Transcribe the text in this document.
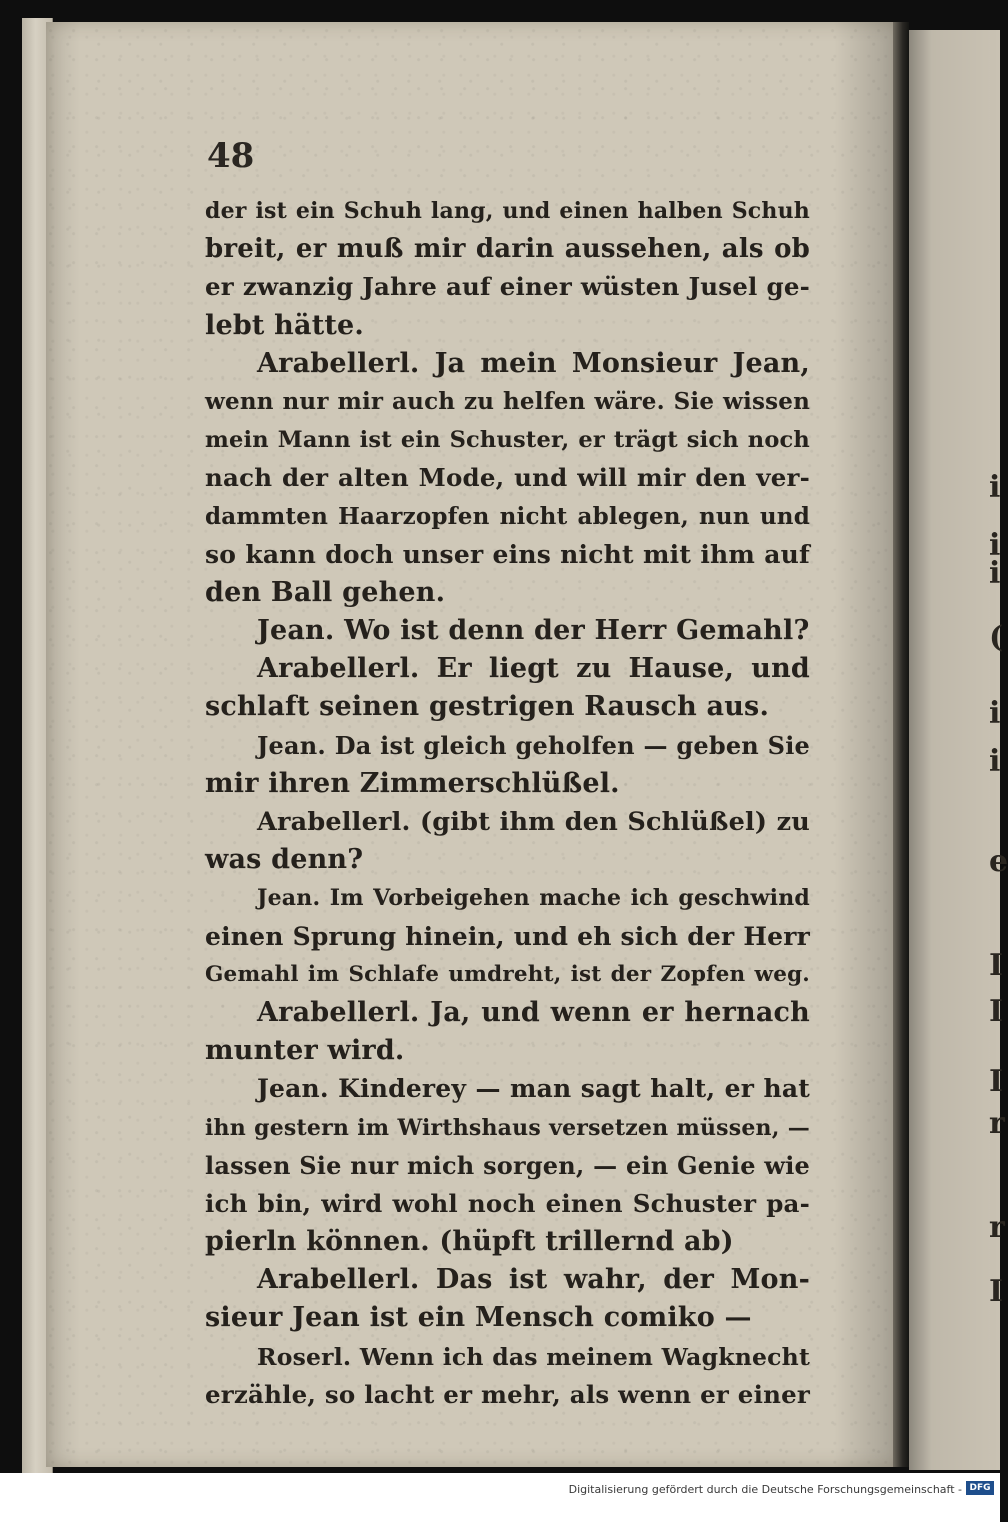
48
der ist ein Schuh lang, und einen halben Schuh
breit, er muß mir darin aussehen, als ob
er zwanzig Jahre auf einer wüsten Jusel ge-
lebt hätte.
Arabellerl. Ja mein Monsieur Jean,
wenn nur mir auch zu helfen wäre. Sie wissen
mein Mann ist ein Schuster, er trägt sich noch
nach der alten Mode, und will mir den ver-
dammten Haarzopfen nicht ablegen, nun und
so kann doch unser eins nicht mit ihm auf
den Ball gehen.
Jean. Wo ist denn der Herr Gemahl?
Arabellerl. Er liegt zu Hause, und
schlaft seinen gestrigen Rausch aus.
Jean. Da ist gleich geholfen — geben Sie
mir ihren Zimmerschlüßel.
Arabellerl. (gibt ihm den Schlüßel) zu
was denn?
Jean. Im Vorbeigehen mache ich geschwind
einen Sprung hinein, und eh sich der Herr
Gemahl im Schlafe umdreht, ist der Zopfen weg.
Arabellerl. Ja, und wenn er hernach
munter wird.
Jean. Kinderey — man sagt halt, er hat
ihn gestern im Wirthshaus versetzen müssen, —
lassen Sie nur mich sorgen, — ein Genie wie
ich bin, wird wohl noch einen Schuster pa-
pierln können. (hüpft trillernd ab)
Arabellerl. Das ist wahr, der Mon-
sieur Jean ist ein Mensch comiko —
Roserl. Wenn ich das meinem Wagknecht
erzähle, so lacht er mehr, als wenn er einer
i
i
i
(
i
i
e
I
I
I
r
r
I
Digitalisierung gefördert durch die Deutsche Forschungsgemeinschaft - DFG
